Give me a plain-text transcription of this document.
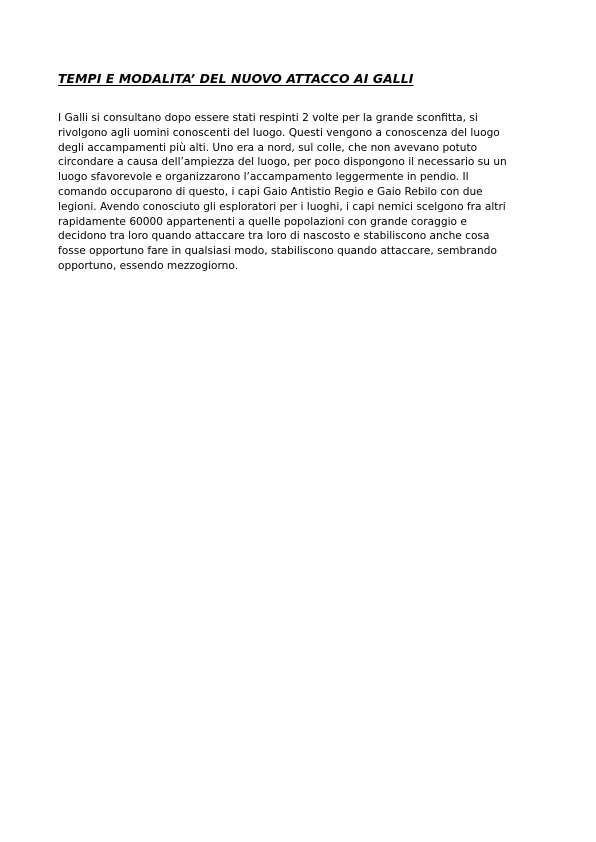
TEMPI E MODALITA’ DEL NUOVO ATTACCO AI GALLI

I Galli si consultano dopo essere stati respinti 2 volte per la grande sconfitta, si
rivolgono agli uomini conoscenti del luogo. Questi vengono a conoscenza del luogo
degli accampamenti più alti. Uno era a nord, sul colle, che non avevano potuto
circondare a causa dell’ampiezza del luogo, per poco dispongono il necessario su un
luogo sfavorevole e organizzarono l’accampamento leggermente in pendio. Il
comando occuparono di questo, i capi Gaio Antistio Regio e Gaio Rebilo con due
legioni. Avendo conosciuto gli esploratori per i luoghi, i capi nemici scelgono fra altri
rapidamente 60000 appartenenti a quelle popolazioni con grande coraggio e
decidono tra loro quando attaccare tra loro di nascosto e stabiliscono anche cosa
fosse opportuno fare in qualsiasi modo, stabiliscono quando attaccare, sembrando
opportuno, essendo mezzogiorno.
